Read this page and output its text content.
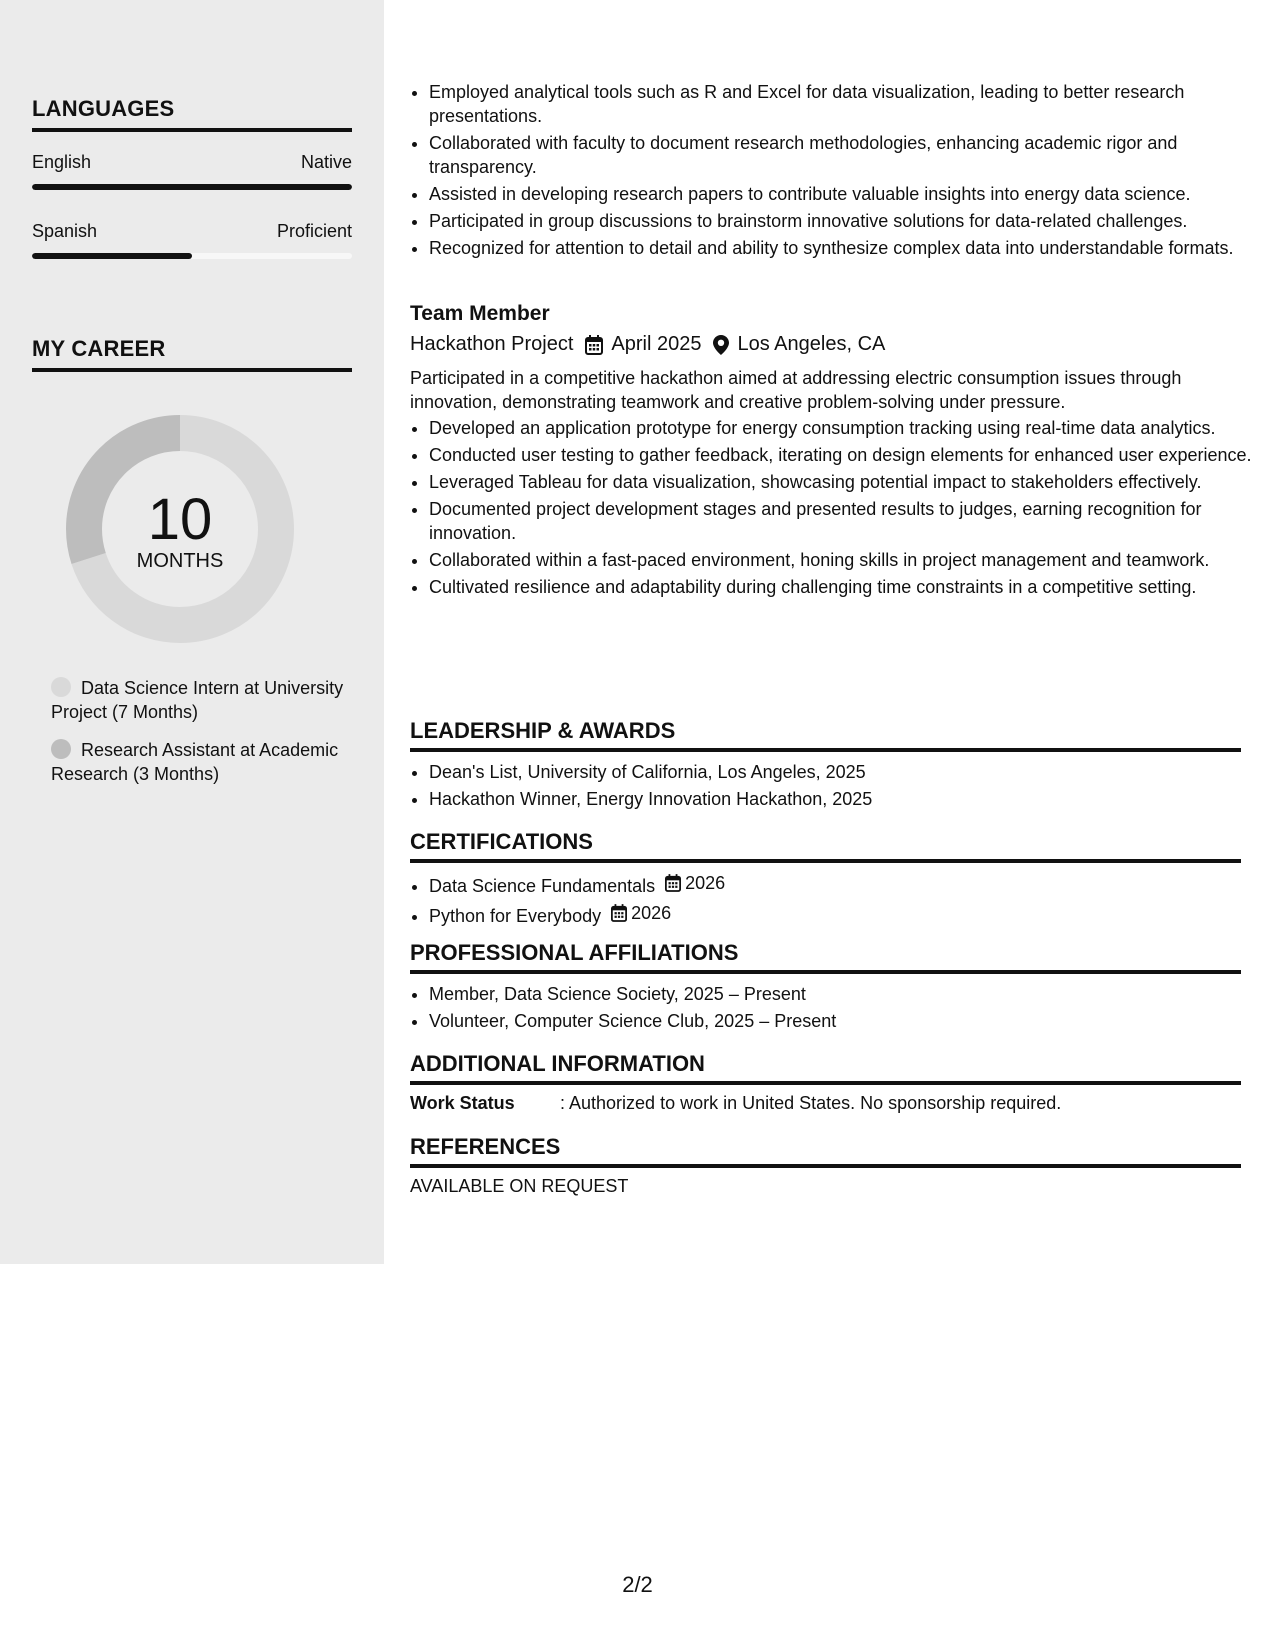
LANGUAGES
English	Native
Spanish	Proficient
MY CAREER
10
MONTHS
Data Science Intern at University Project (7 Months)
Research Assistant at Academic Research (3 Months)
• Employed analytical tools such as R and Excel for data visualization, leading to better research presentations.
• Collaborated with faculty to document research methodologies, enhancing academic rigor and transparency.
• Assisted in developing research papers to contribute valuable insights into energy data science.
• Participated in group discussions to brainstorm innovative solutions for data-related challenges.
• Recognized for attention to detail and ability to synthesize complex data into understandable formats.
Team Member
Hackathon Project April 2025 Los Angeles, CA
Participated in a competitive hackathon aimed at addressing electric consumption issues through innovation, demonstrating teamwork and creative problem-solving under pressure.
• Developed an application prototype for energy consumption tracking using real-time data analytics.
• Conducted user testing to gather feedback, iterating on design elements for enhanced user experience.
• Leveraged Tableau for data visualization, showcasing potential impact to stakeholders effectively.
• Documented project development stages and presented results to judges, earning recognition for innovation.
• Collaborated within a fast-paced environment, honing skills in project management and teamwork.
• Cultivated resilience and adaptability during challenging time constraints in a competitive setting.
LEADERSHIP & AWARDS
• Dean's List, University of California, Los Angeles, 2025
• Hackathon Winner, Energy Innovation Hackathon, 2025
CERTIFICATIONS
• Data Science Fundamentals 2026
• Python for Everybody 2026
PROFESSIONAL AFFILIATIONS
• Member, Data Science Society, 2025 – Present
• Volunteer, Computer Science Club, 2025 – Present
ADDITIONAL INFORMATION
Work Status	: Authorized to work in United States. No sponsorship required.
REFERENCES
AVAILABLE ON REQUEST
2/2
